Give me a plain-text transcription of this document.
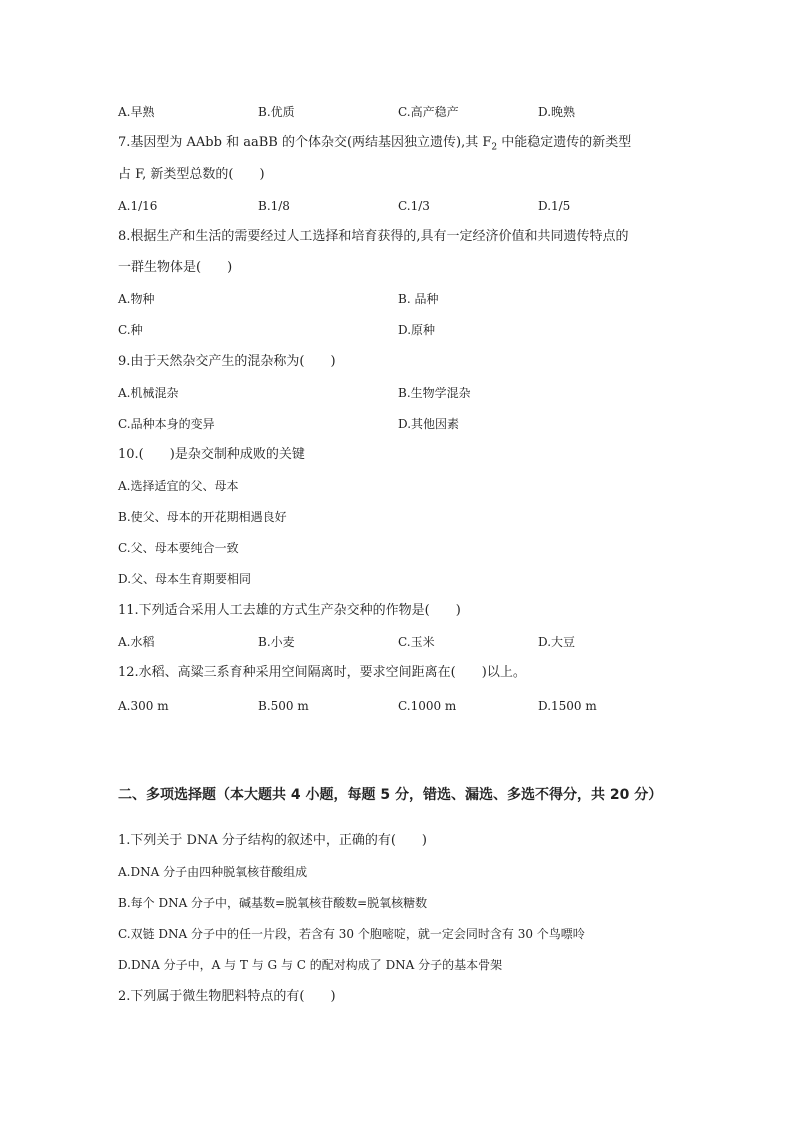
A.早熟	B.优质	C.高产稳产	D.晚熟
7.基因型为 AAbb 和 aaBB 的个体杂交(两结基因独立遗传),其 $F_2$ 中能稳定遗传的新类型
占 F, 新类型总数的(　　)
A.1/16	B.1/8	C.1/3	D.1/5
8.根据生产和生活的需要经过人工选择和培育获得的,具有一定经济价值和共同遗传特点的
一群生物体是(　　)
A.物种	B. 品种
C.种	D.原种
9.由于天然杂交产生的混杂称为(　　)
A.机械混杂	B.生物学混杂
C.品种本身的变异	D.其他因素
10.(　　)是杂交制种成败的关键
A.选择适宜的父、母本
B.使父、母本的开花期相遇良好
C.父、母本要纯合一致
D.父、母本生育期要相同
11.下列适合采用人工去雄的方式生产杂交种的作物是(　　)
A.水稻	B.小麦	C.玉米	D.大豆
12.水稻、高粱三系育种采用空间隔离时，要求空间距离在(　　)以上。
A.300 m	B.500 m	C.1000 m	D.1500 m
二、多项选择题（本大题共 4 小题，每题 5 分，错选、漏选、多选不得分，共 20 分）
1.下列关于 DNA 分子结构的叙述中，正确的有(　　)
A.DNA 分子由四种脱氧核苷酸组成
B.每个 DNA 分子中，碱基数=脱氧核苷酸数=脱氧核糖数
C.双链 DNA 分子中的任一片段，若含有 30 个胞嘧啶，就一定会同时含有 30 个鸟嘌呤
D.DNA 分子中，A 与 T 与 G 与 C 的配对构成了 DNA 分子的基本骨架
2.下列属于微生物肥料特点的有(　　)
